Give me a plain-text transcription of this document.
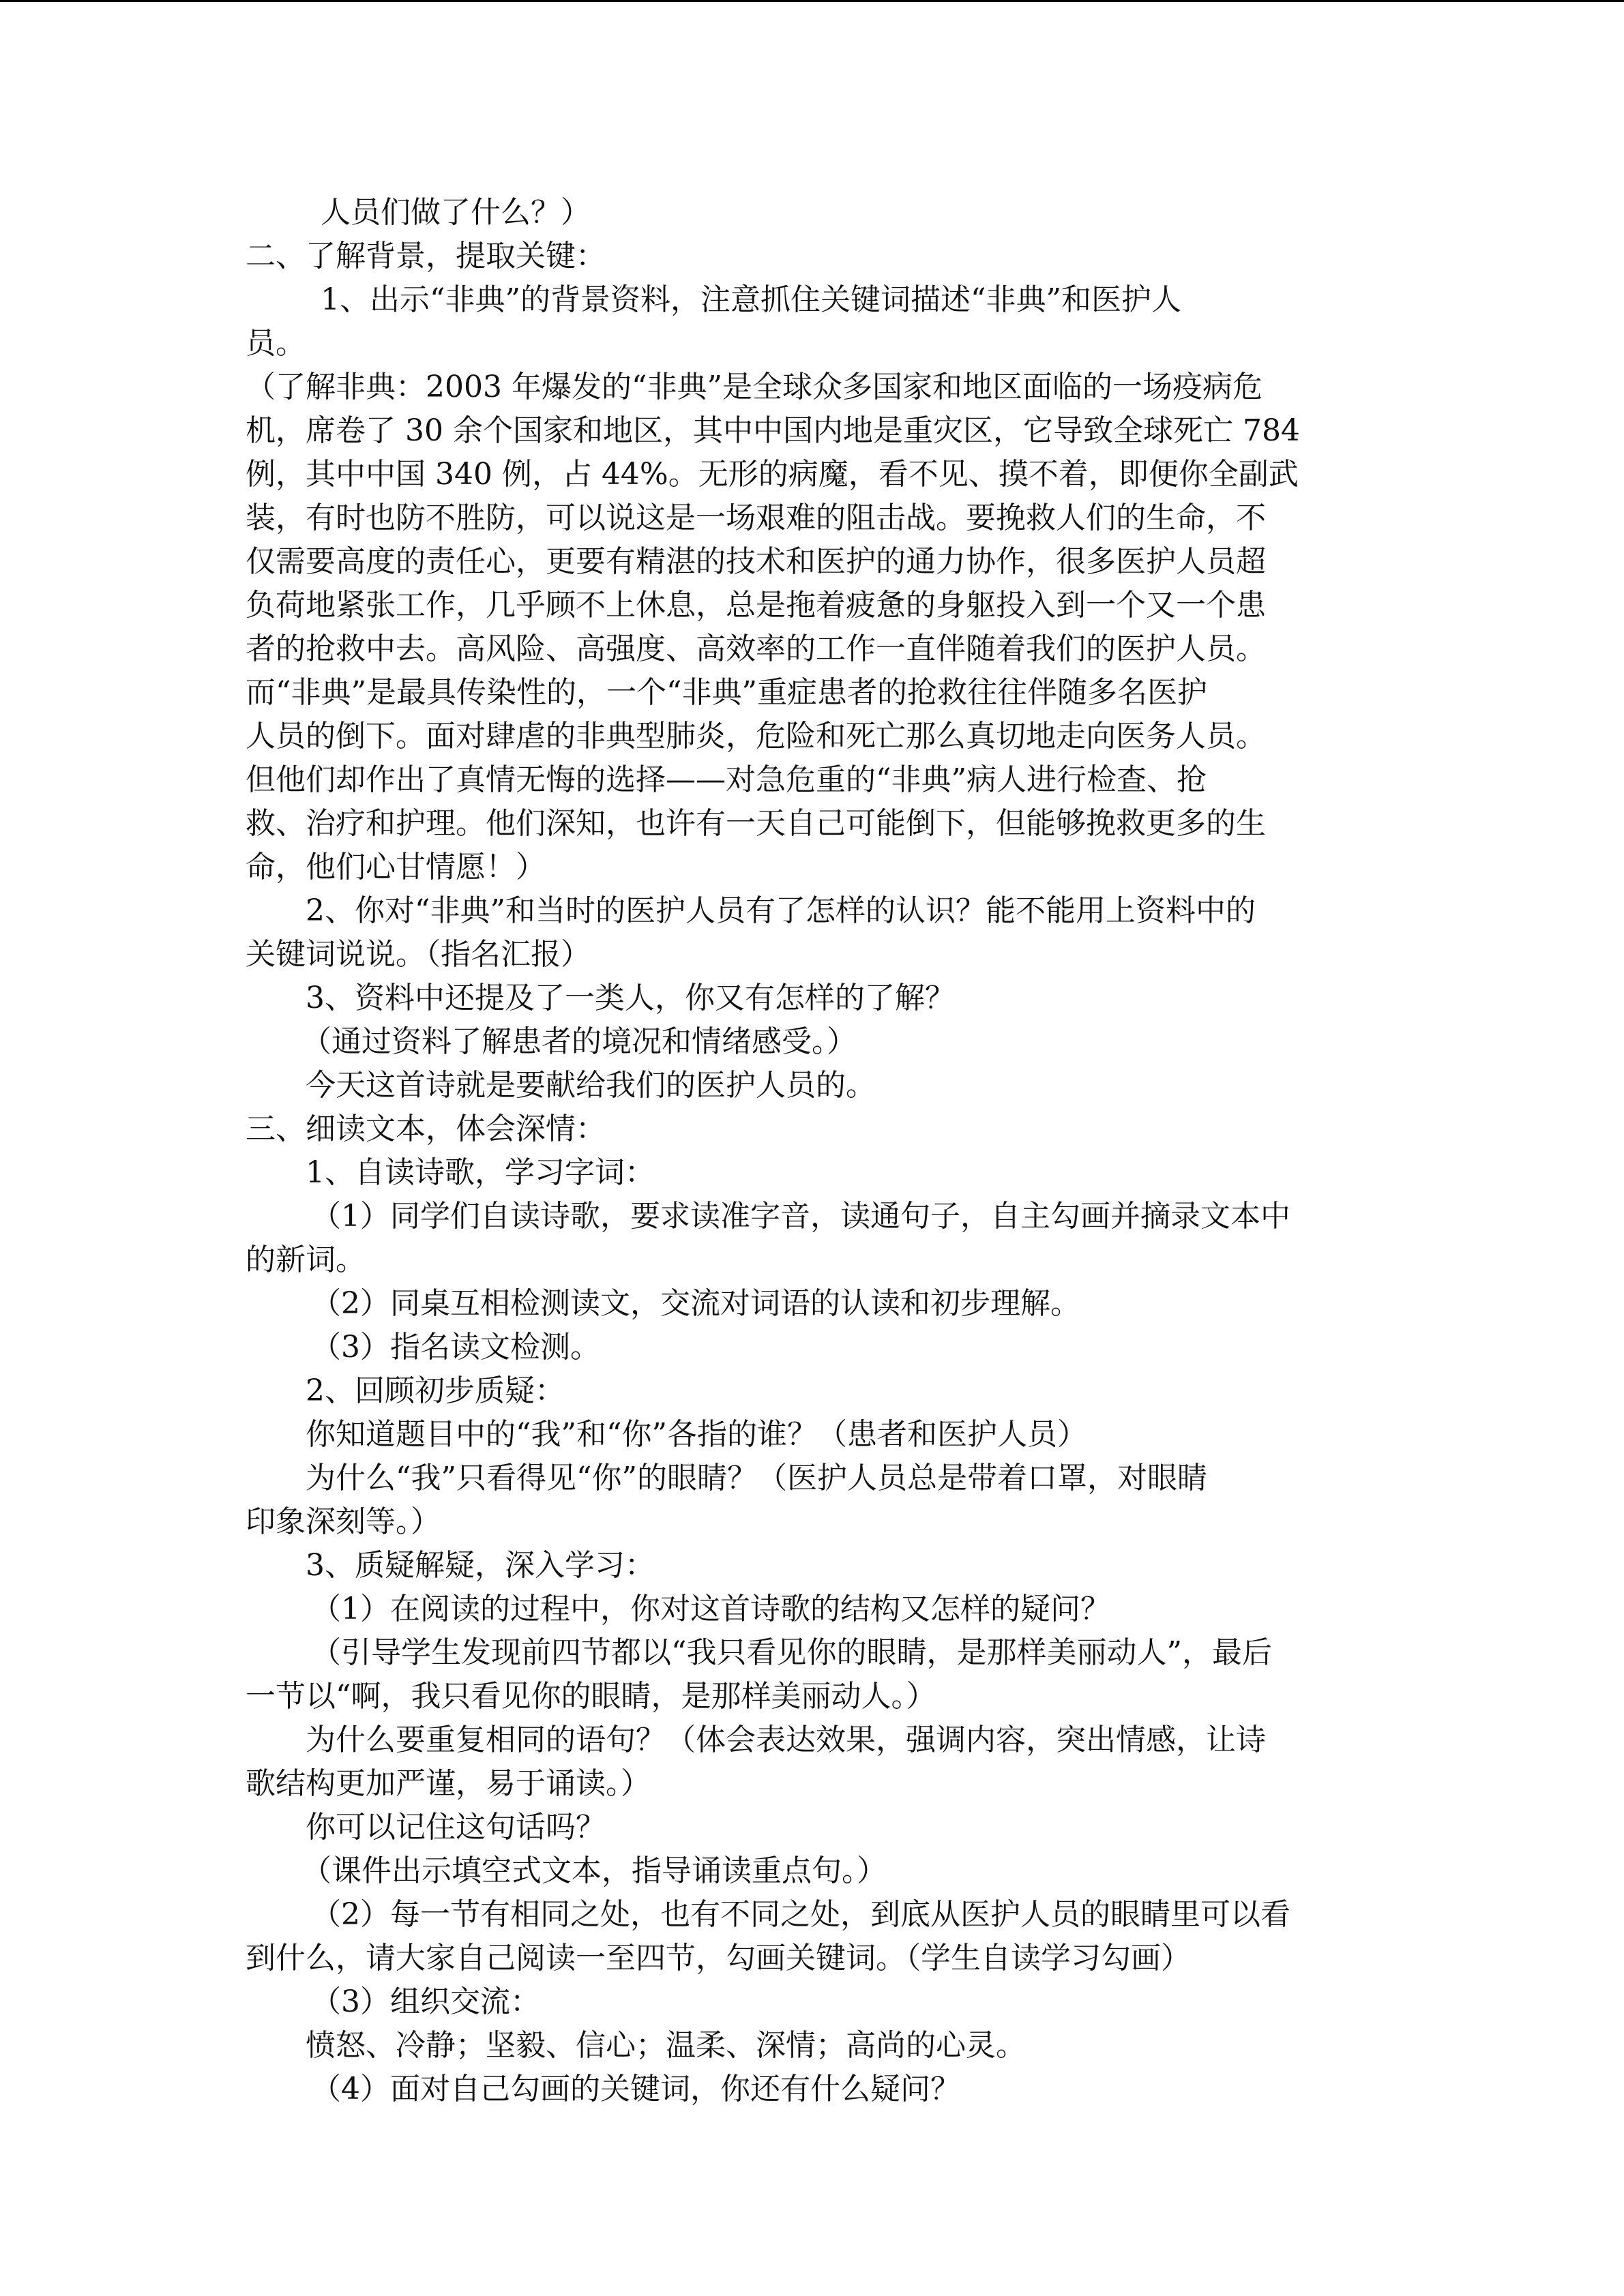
人员们做了什么？）
二、了解背景，提取关键：
1、出示“非典”的背景资料，注意抓住关键词描述“非典”和医护人
员。
（了解非典：2003 年爆发的“非典”是全球众多国家和地区面临的一场疫病危
机，席卷了 30 余个国家和地区，其中中国内地是重灾区，它导致全球死亡 784
例，其中中国 340 例，占 44%。无形的病魔，看不见、摸不着，即便你全副武
装，有时也防不胜防，可以说这是一场艰难的阻击战。要挽救人们的生命，不
仅需要高度的责任心，更要有精湛的技术和医护的通力协作，很多医护人员超
负荷地紧张工作，几乎顾不上休息，总是拖着疲惫的身躯投入到一个又一个患
者的抢救中去。高风险、高强度、高效率的工作一直伴随着我们的医护人员。
而“非典”是最具传染性的，一个“非典”重症患者的抢救往往伴随多名医护
人员的倒下。面对肆虐的非典型肺炎，危险和死亡那么真切地走向医务人员。
但他们却作出了真情无悔的选择——对急危重的“非典”病人进行检查、抢
救、治疗和护理。他们深知，也许有一天自己可能倒下，但能够挽救更多的生
命，他们心甘情愿！）
2、你对“非典”和当时的医护人员有了怎样的认识？能不能用上资料中的
关键词说说。（指名汇报）
3、资料中还提及了一类人，你又有怎样的了解？
（通过资料了解患者的境况和情绪感受。）
今天这首诗就是要献给我们的医护人员的。
三、细读文本，体会深情：
1、自读诗歌，学习字词：
（1）同学们自读诗歌，要求读准字音，读通句子，自主勾画并摘录文本中
的新词。
（2）同桌互相检测读文，交流对词语的认读和初步理解。
（3）指名读文检测。
2、回顾初步质疑：
你知道题目中的“我”和“你”各指的谁？（患者和医护人员）
为什么“我”只看得见“你”的眼睛？（医护人员总是带着口罩，对眼睛
印象深刻等。）
3、质疑解疑，深入学习：
（1）在阅读的过程中，你对这首诗歌的结构又怎样的疑问？
（引导学生发现前四节都以“我只看见你的眼睛，是那样美丽动人”，最后
一节以“啊，我只看见你的眼睛，是那样美丽动人。）
为什么要重复相同的语句？（体会表达效果，强调内容，突出情感，让诗
歌结构更加严谨，易于诵读。）
你可以记住这句话吗？
（课件出示填空式文本，指导诵读重点句。）
（2）每一节有相同之处，也有不同之处，到底从医护人员的眼睛里可以看
到什么，请大家自己阅读一至四节，勾画关键词。（学生自读学习勾画）
（3）组织交流：
愤怒、冷静；坚毅、信心；温柔、深情；高尚的心灵。
（4）面对自己勾画的关键词，你还有什么疑问？
